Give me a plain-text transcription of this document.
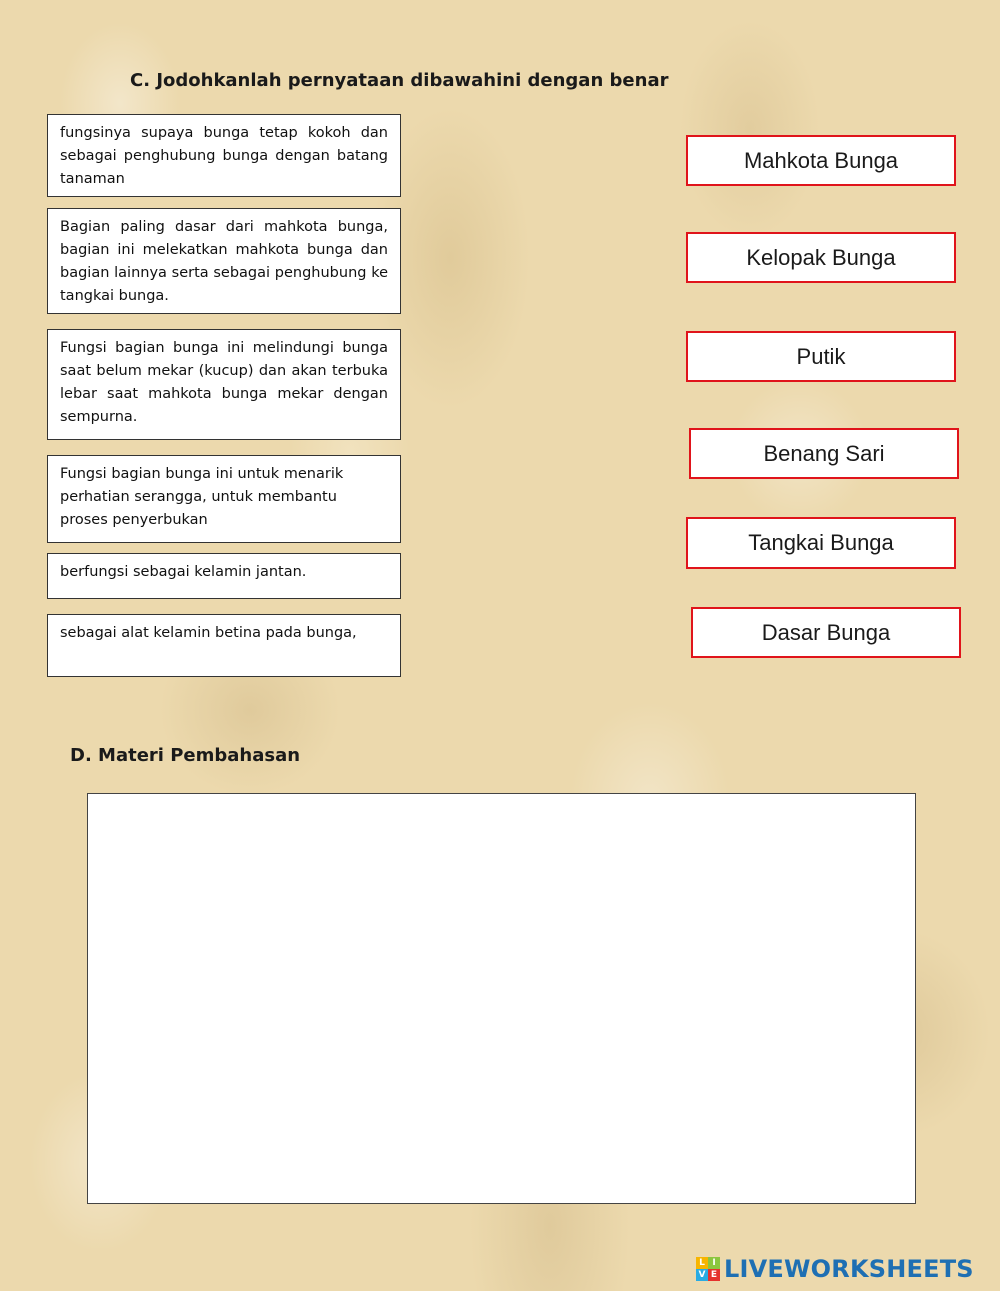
C. Jodohkanlah pernyataan dibawahini dengan benar
fungsinya supaya bunga tetap kokoh dan sebagai penghubung bunga dengan batang tanaman
Bagian paling dasar dari mahkota bunga, bagian ini melekatkan mahkota bunga dan bagian lainnya serta sebagai penghubung ke tangkai bunga.
Fungsi bagian bunga ini melindungi bunga saat belum mekar (kucup) dan akan terbuka lebar saat mahkota bunga mekar dengan sempurna.
Fungsi bagian bunga ini untuk menarik perhatian serangga, untuk membantu proses penyerbukan
berfungsi sebagai kelamin jantan.
sebagai alat kelamin betina pada bunga,
Mahkota Bunga
Kelopak Bunga
Putik
Benang Sari
Tangkai Bunga
Dasar Bunga
D. Materi Pembahasan
L I
V E LIVEWORKSHEETS
